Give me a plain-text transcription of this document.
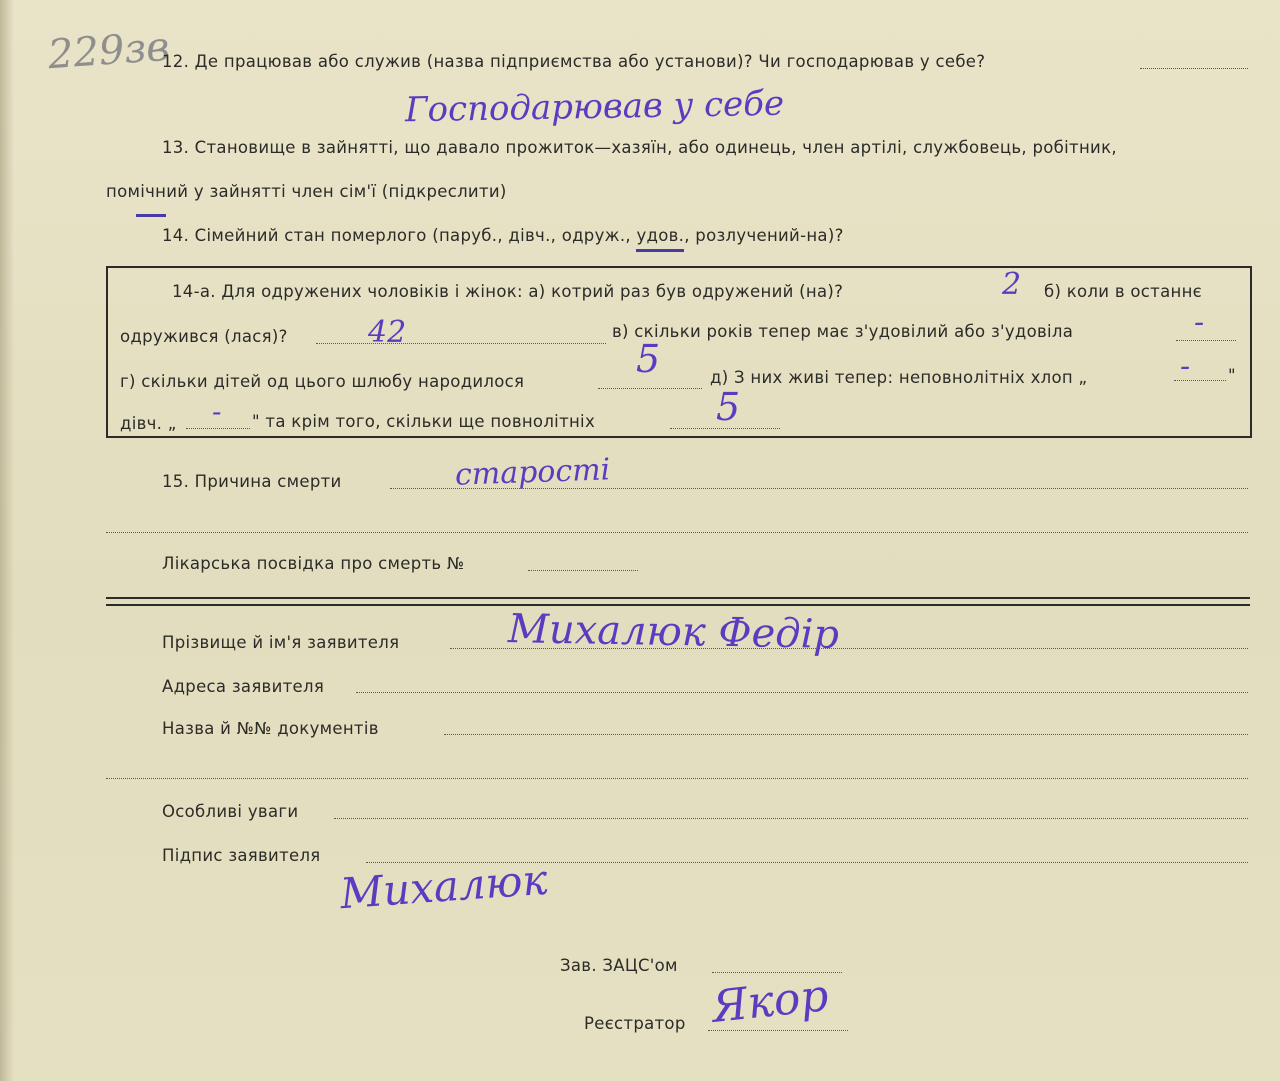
229зв
12. Де працював або служив (назва підприємства або установи)? Чи господарював у себе?
Господарював у себе
13. Становище в зайнятті, що давало прожиток—хазяїн, або одинець, член артілі, службовець, робітник,
помічний у зайнятті член сім'ї (підкреслити)
14. Сімейний стан померлого (паруб., дівч., одруж., удов., розлучений-на)?
14-а. Для одружених чоловіків і жінок: а) котрий раз був одружений (на)?	2 б) коли в останнє
одружився (лася)?	42	в) скільки років тепер має з'удовілий або з'удовіла	-
г) скільки дітей од цього шлюбу народилося
5	д) З них живі тепер: неповнолітніх хлоп „	- "
дівч. „ - " та крім того, скільки ще повнолітніх	5
15. Причина смерти	старості
Лікарська посвідка про смерть №
Прізвище й ім'я заявителя	Михалюк Федір
Адреса заявителя
Назва й №№ документів
Особливі уваги
Підпис заявителя Михалюк
Зав. ЗАЦС'ом
Реєстратор Якор
